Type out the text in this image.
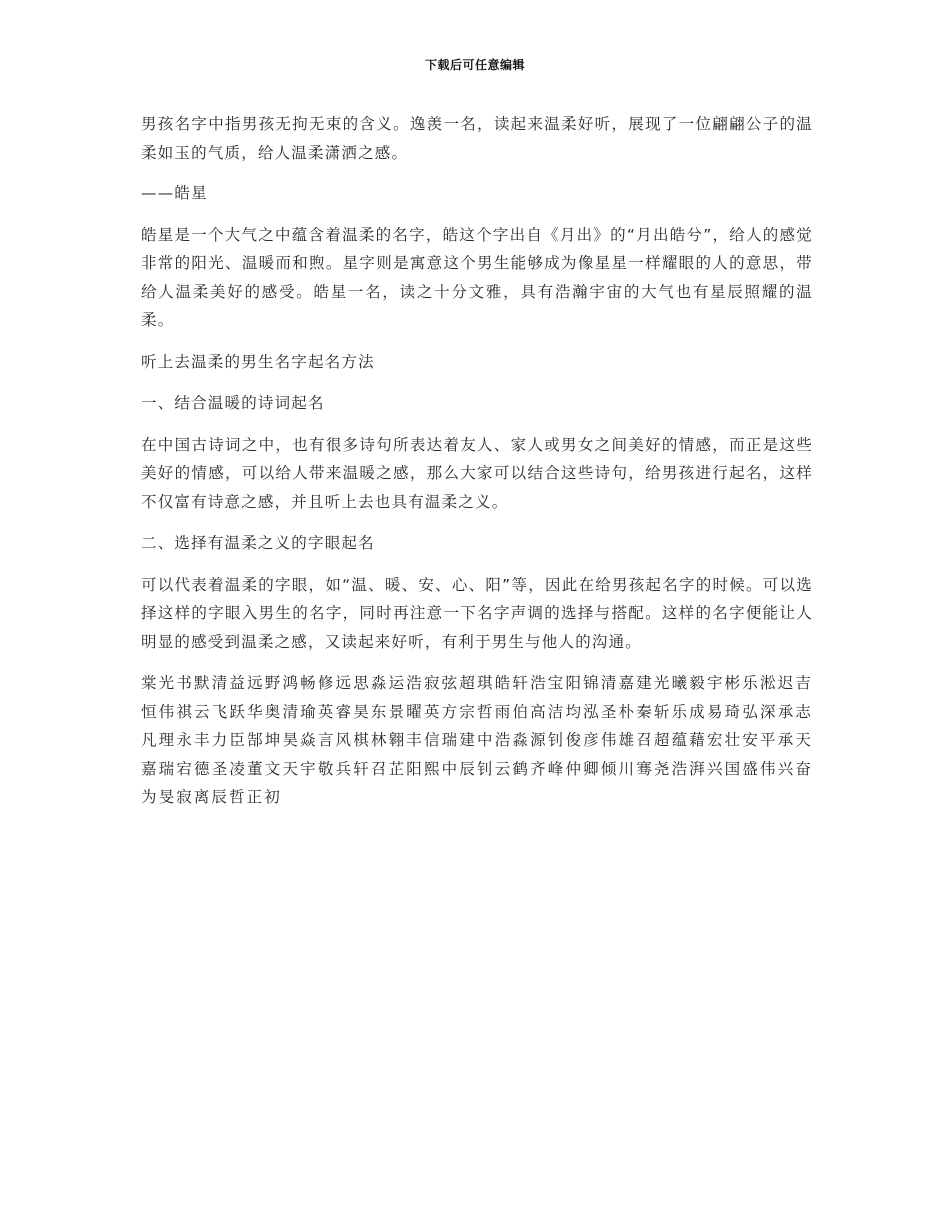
下载后可任意编辑

男孩名字中指男孩无拘无束的含义。逸羡一名，读起来温柔好听，展现了一位翩翩公子的温柔如玉的气质，给人温柔潇洒之感。

——皓星

皓星是一个大气之中蕴含着温柔的名字，皓这个字出自《月出》的“月出皓兮”，给人的感觉非常的阳光、温暖而和煦。星字则是寓意这个男生能够成为像星星一样耀眼的人的意思，带给人温柔美好的感受。皓星一名，读之十分文雅，具有浩瀚宇宙的大气也有星辰照耀的温柔。

听上去温柔的男生名字起名方法

一、结合温暖的诗词起名

在中国古诗词之中，也有很多诗句所表达着友人、家人或男女之间美好的情感，而正是这些美好的情感，可以给人带来温暖之感，那么大家可以结合这些诗句，给男孩进行起名，这样不仅富有诗意之感，并且听上去也具有温柔之义。

二、选择有温柔之义的字眼起名

可以代表着温柔的字眼，如“温、暖、安、心、阳”等，因此在给男孩起名字的时候。可以选择这样的字眼入男生的名字，同时再注意一下名字声调的选择与搭配。这样的名字便能让人明显的感受到温柔之感，又读起来好听，有利于男生与他人的沟通。

棠光书默清益远野鸿畅修远思淼运浩寂弦超琪皓轩浩宝阳锦清嘉建光曦毅宇彬乐淞迟吉恒伟祺云飞跃华奥清瑜英睿昊东景曜英方宗哲雨伯高洁均泓圣朴秦斩乐成易琦弘深承志凡理永丰力臣郜坤昊焱言风棋林翱丰信瑞建中浩淼源钊俊彦伟雄召超蕴藉宏壮安平承天嘉瑞宕德圣凌董文天宇敬兵轩召芷阳熙中辰钊云鹤齐峰仲卿倾川骞尧浩湃兴国盛伟兴奋为旻寂离辰哲正初
